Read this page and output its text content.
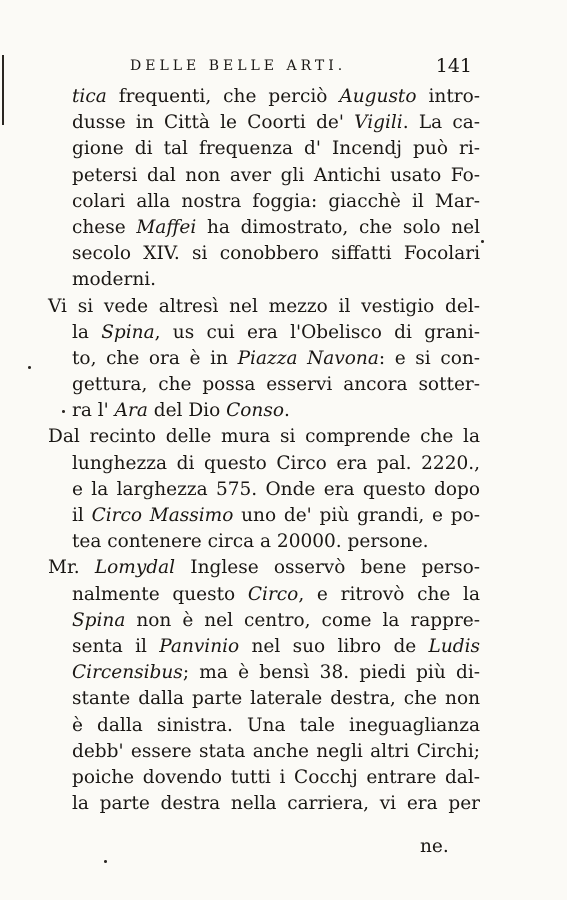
DELLE BELLE ARTI.	141
tica frequenti, che perciò Augusto intro-
dusse in Città le Coorti de' Vigili. La ca-
gione di tal frequenza d' Incendj può ri-
petersi dal non aver gli Antichi usato Fo-
colari alla nostra foggia: giacchè il Mar-
chese Maffei ha dimostrato, che solo nel
secolo XIV. si conobbero siffatti Focolari
moderni.
Vi si vede altresì nel mezzo il vestigio del-
la Spina, us cui era l'Obelisco di grani-
to, che ora è in Piazza Navona: e si con-
gettura, che possa esservi ancora sotter-
ra l' Ara del Dio Conso.
Dal recinto delle mura si comprende che la
lunghezza di questo Circo era pal. 2220.,
e la larghezza 575. Onde era questo dopo
il Circo Massimo uno de' più grandi, e po-
tea contenere circa a 20000. persone.
Mr. Lomydal Inglese osservò bene perso-
nalmente questo Circo, e ritrovò che la
Spina non è nel centro, come la rappre-
senta il Panvinio nel suo libro de Ludis
Circensibus; ma è bensì 38. piedi più di-
stante dalla parte laterale destra, che non
è dalla sinistra. Una tale ineguaglianza
debb' essere stata anche negli altri Circhi;
poiche dovendo tutti i Cocchj entrare dal-
la parte destra nella carriera, vi era per
ne.
